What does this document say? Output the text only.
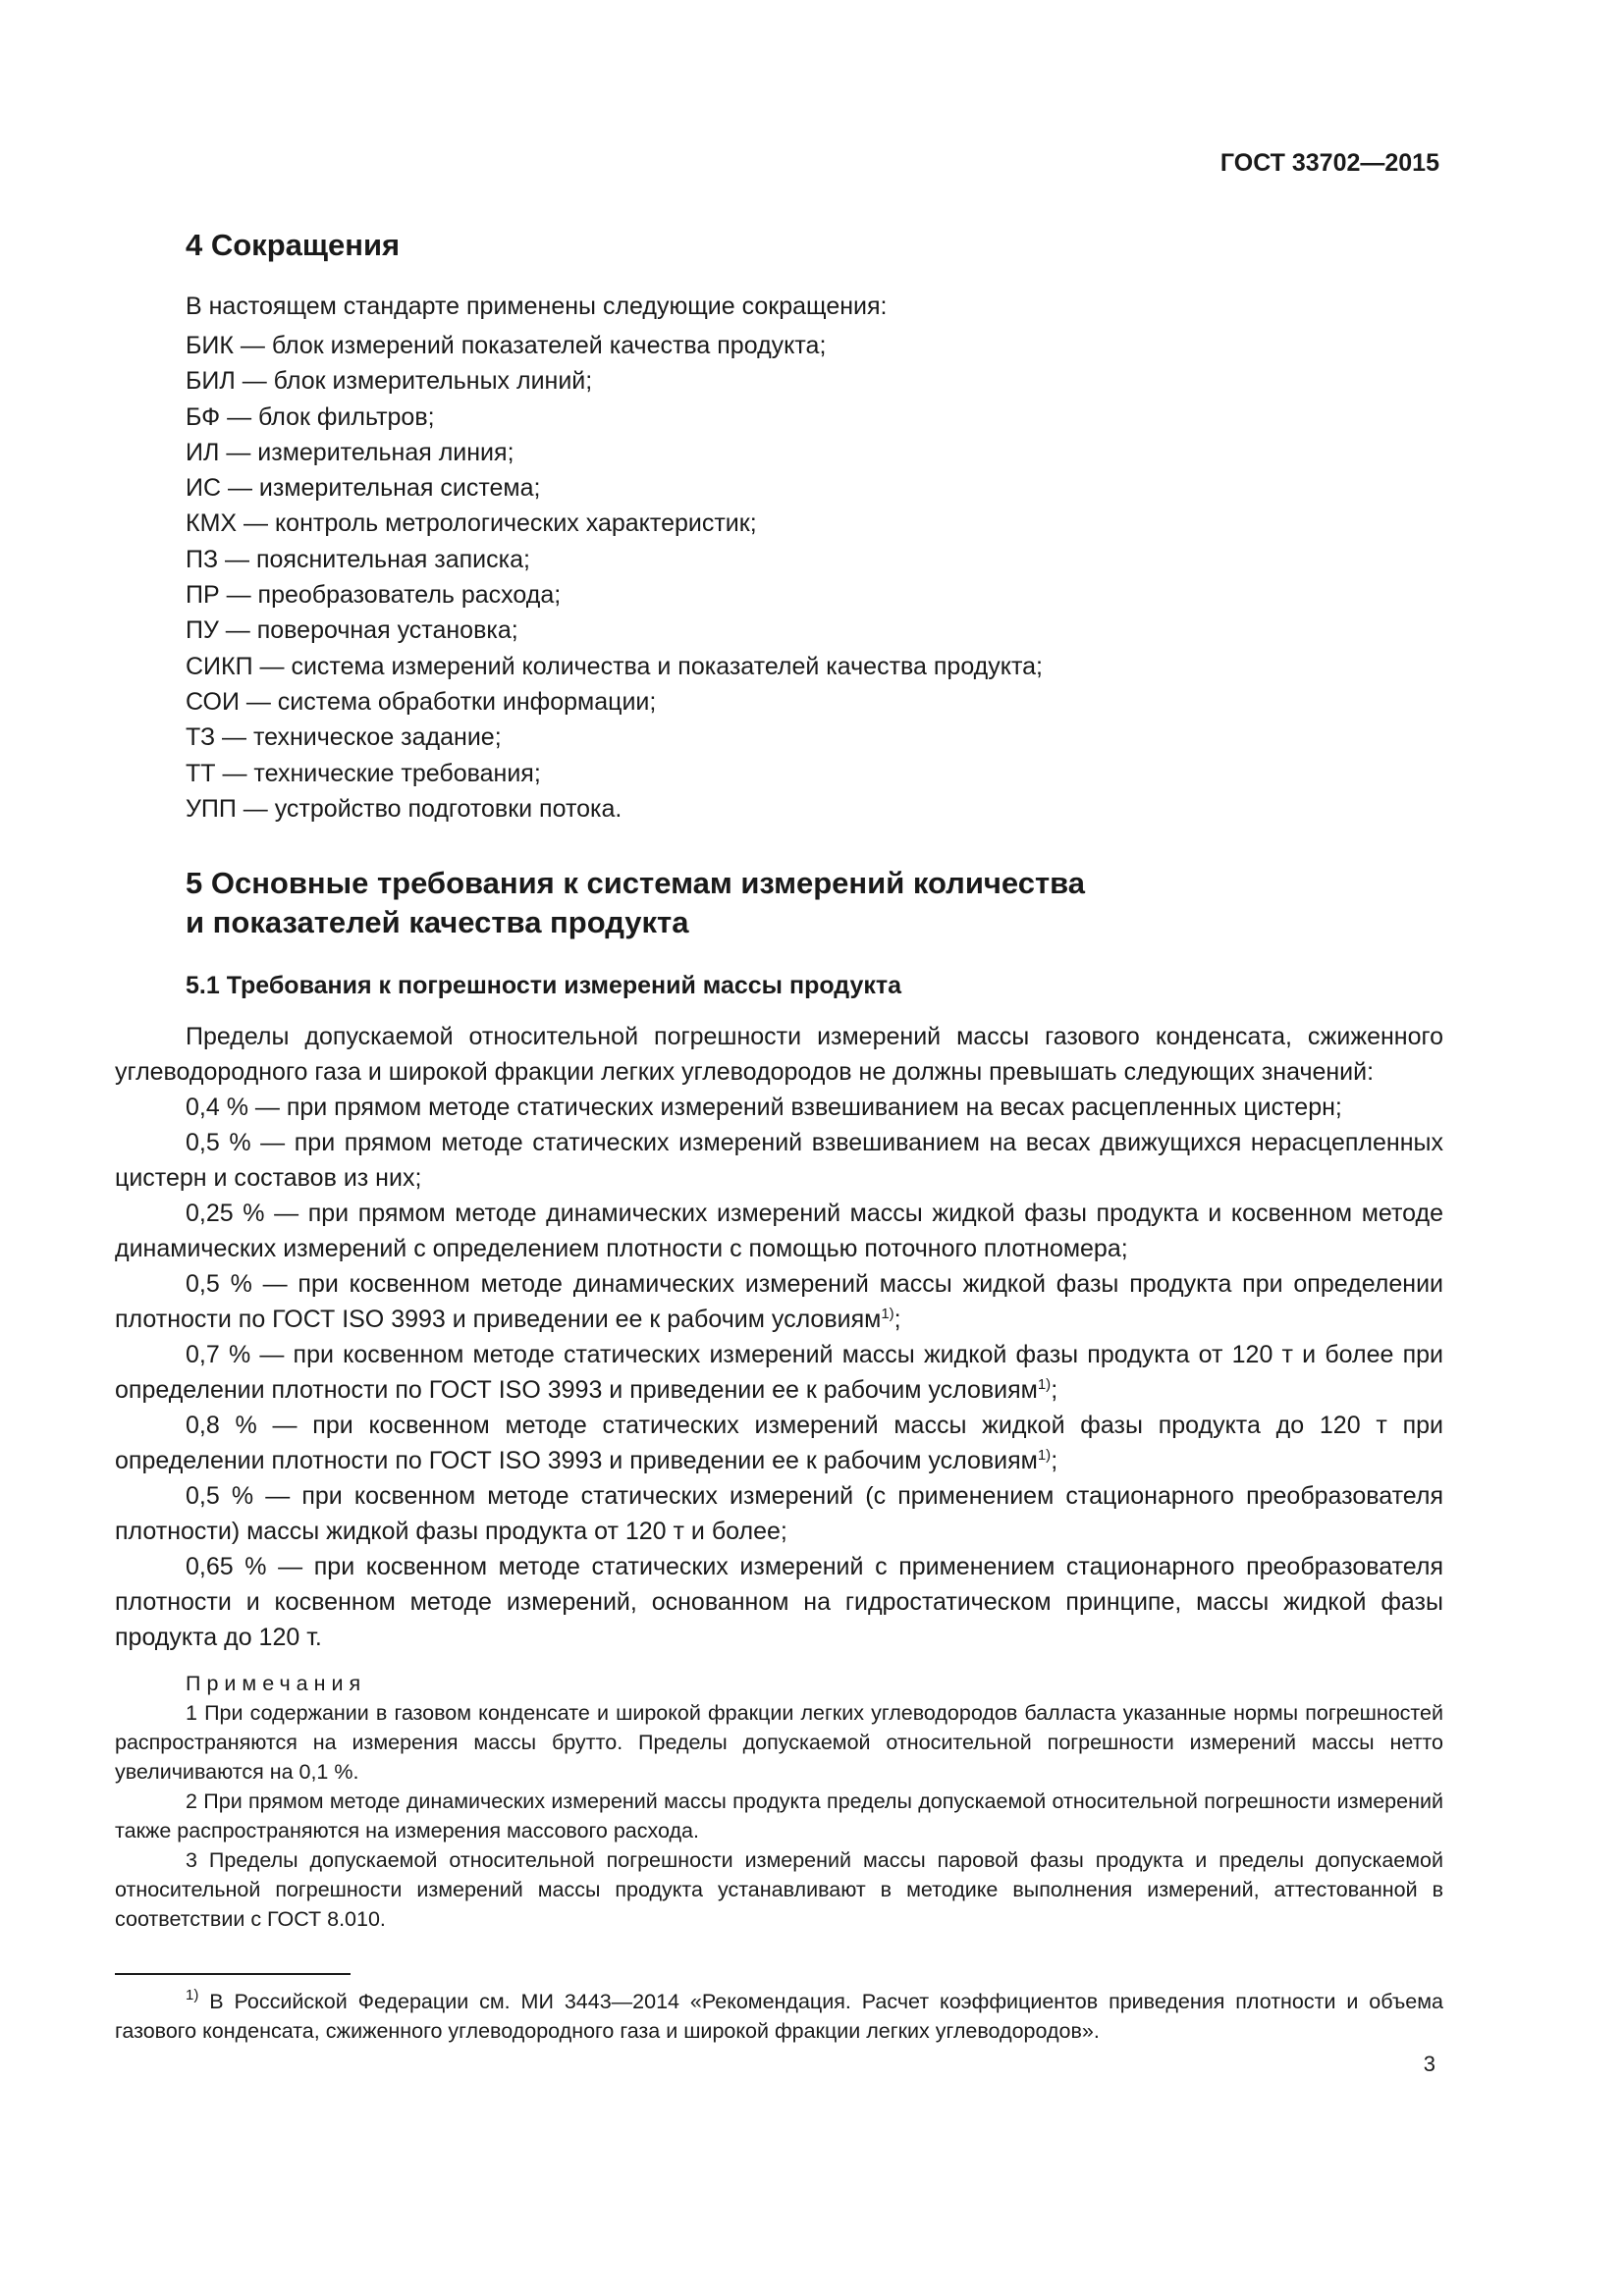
ГОСТ 33702—2015
4 Сокращения
В настоящем стандарте применены следующие сокращения:
БИК — блок измерений показателей качества продукта;
БИЛ — блок измерительных линий;
БФ — блок фильтров;
ИЛ — измерительная линия;
ИС — измерительная система;
КМХ — контроль метрологических характеристик;
ПЗ — пояснительная записка;
ПР — преобразователь расхода;
ПУ — поверочная установка;
СИКП — система измерений количества и показателей качества продукта;
СОИ — система обработки информации;
ТЗ — техническое задание;
ТТ — технические требования;
УПП — устройство подготовки потока.
5 Основные требования к системам измерений количества
и показателей качества продукта
5.1 Требования к погрешности измерений массы продукта

Пределы допускаемой относительной погрешности измерений массы газового конденсата, сжиженного углеводородного газа и широкой фракции легких углеводородов не должны превышать следующих значений:

0,4 % — при прямом методе статических измерений взвешиванием на весах расцепленных цистерн;

0,5 % — при прямом методе статических измерений взвешиванием на весах движущихся нерасцепленных цистерн и составов из них;

0,25 % — при прямом методе динамических измерений массы жидкой фазы продукта и косвенном методе динамических измерений с определением плотности с помощью поточного плотномера;

0,5 % — при косвенном методе динамических измерений массы жидкой фазы продукта при определении плотности по ГОСТ ISO 3993 и приведении ее к рабочим условиям$^{1)}$;

0,7 % — при косвенном методе статических измерений массы жидкой фазы продукта от 120 т и более при определении плотности по ГОСТ ISO 3993 и приведении ее к рабочим условиям$^{1)}$;

0,8 % — при косвенном методе статических измерений массы жидкой фазы продукта до 120 т при определении плотности по ГОСТ ISO 3993 и приведении ее к рабочим условиям$^{1)}$;

0,5 % — при косвенном методе статических измерений (с применением стационарного преобразователя плотности) массы жидкой фазы продукта от 120 т и более;

0,65 % — при косвенном методе статических измерений с применением стационарного преобразователя плотности и косвенном методе измерений, основанном на гидростатическом принципе, массы жидкой фазы продукта до 120 т.

Примечания

1 При содержании в газовом конденсате и широкой фракции легких углеводородов балласта указанные нормы погрешностей распространяются на измерения массы брутто. Пределы допускаемой относительной погрешности измерений массы нетто увеличиваются на 0,1 %.

2 При прямом методе динамических измерений массы продукта пределы допускаемой относительной погрешности измерений также распространяются на измерения массового расхода.

3 Пределы допускаемой относительной погрешности измерений массы паровой фазы продукта и пределы допускаемой относительной погрешности измерений массы продукта устанавливают в методике выполнения измерений, аттестованной в соответствии с ГОСТ 8.010.

$^{1)}$ В Российской Федерации см. МИ 3443—2014 «Рекомендация. Расчет коэффициентов приведения плотности и объема газового конденсата, сжиженного углеводородного газа и широкой фракции легких углеводородов».

3
